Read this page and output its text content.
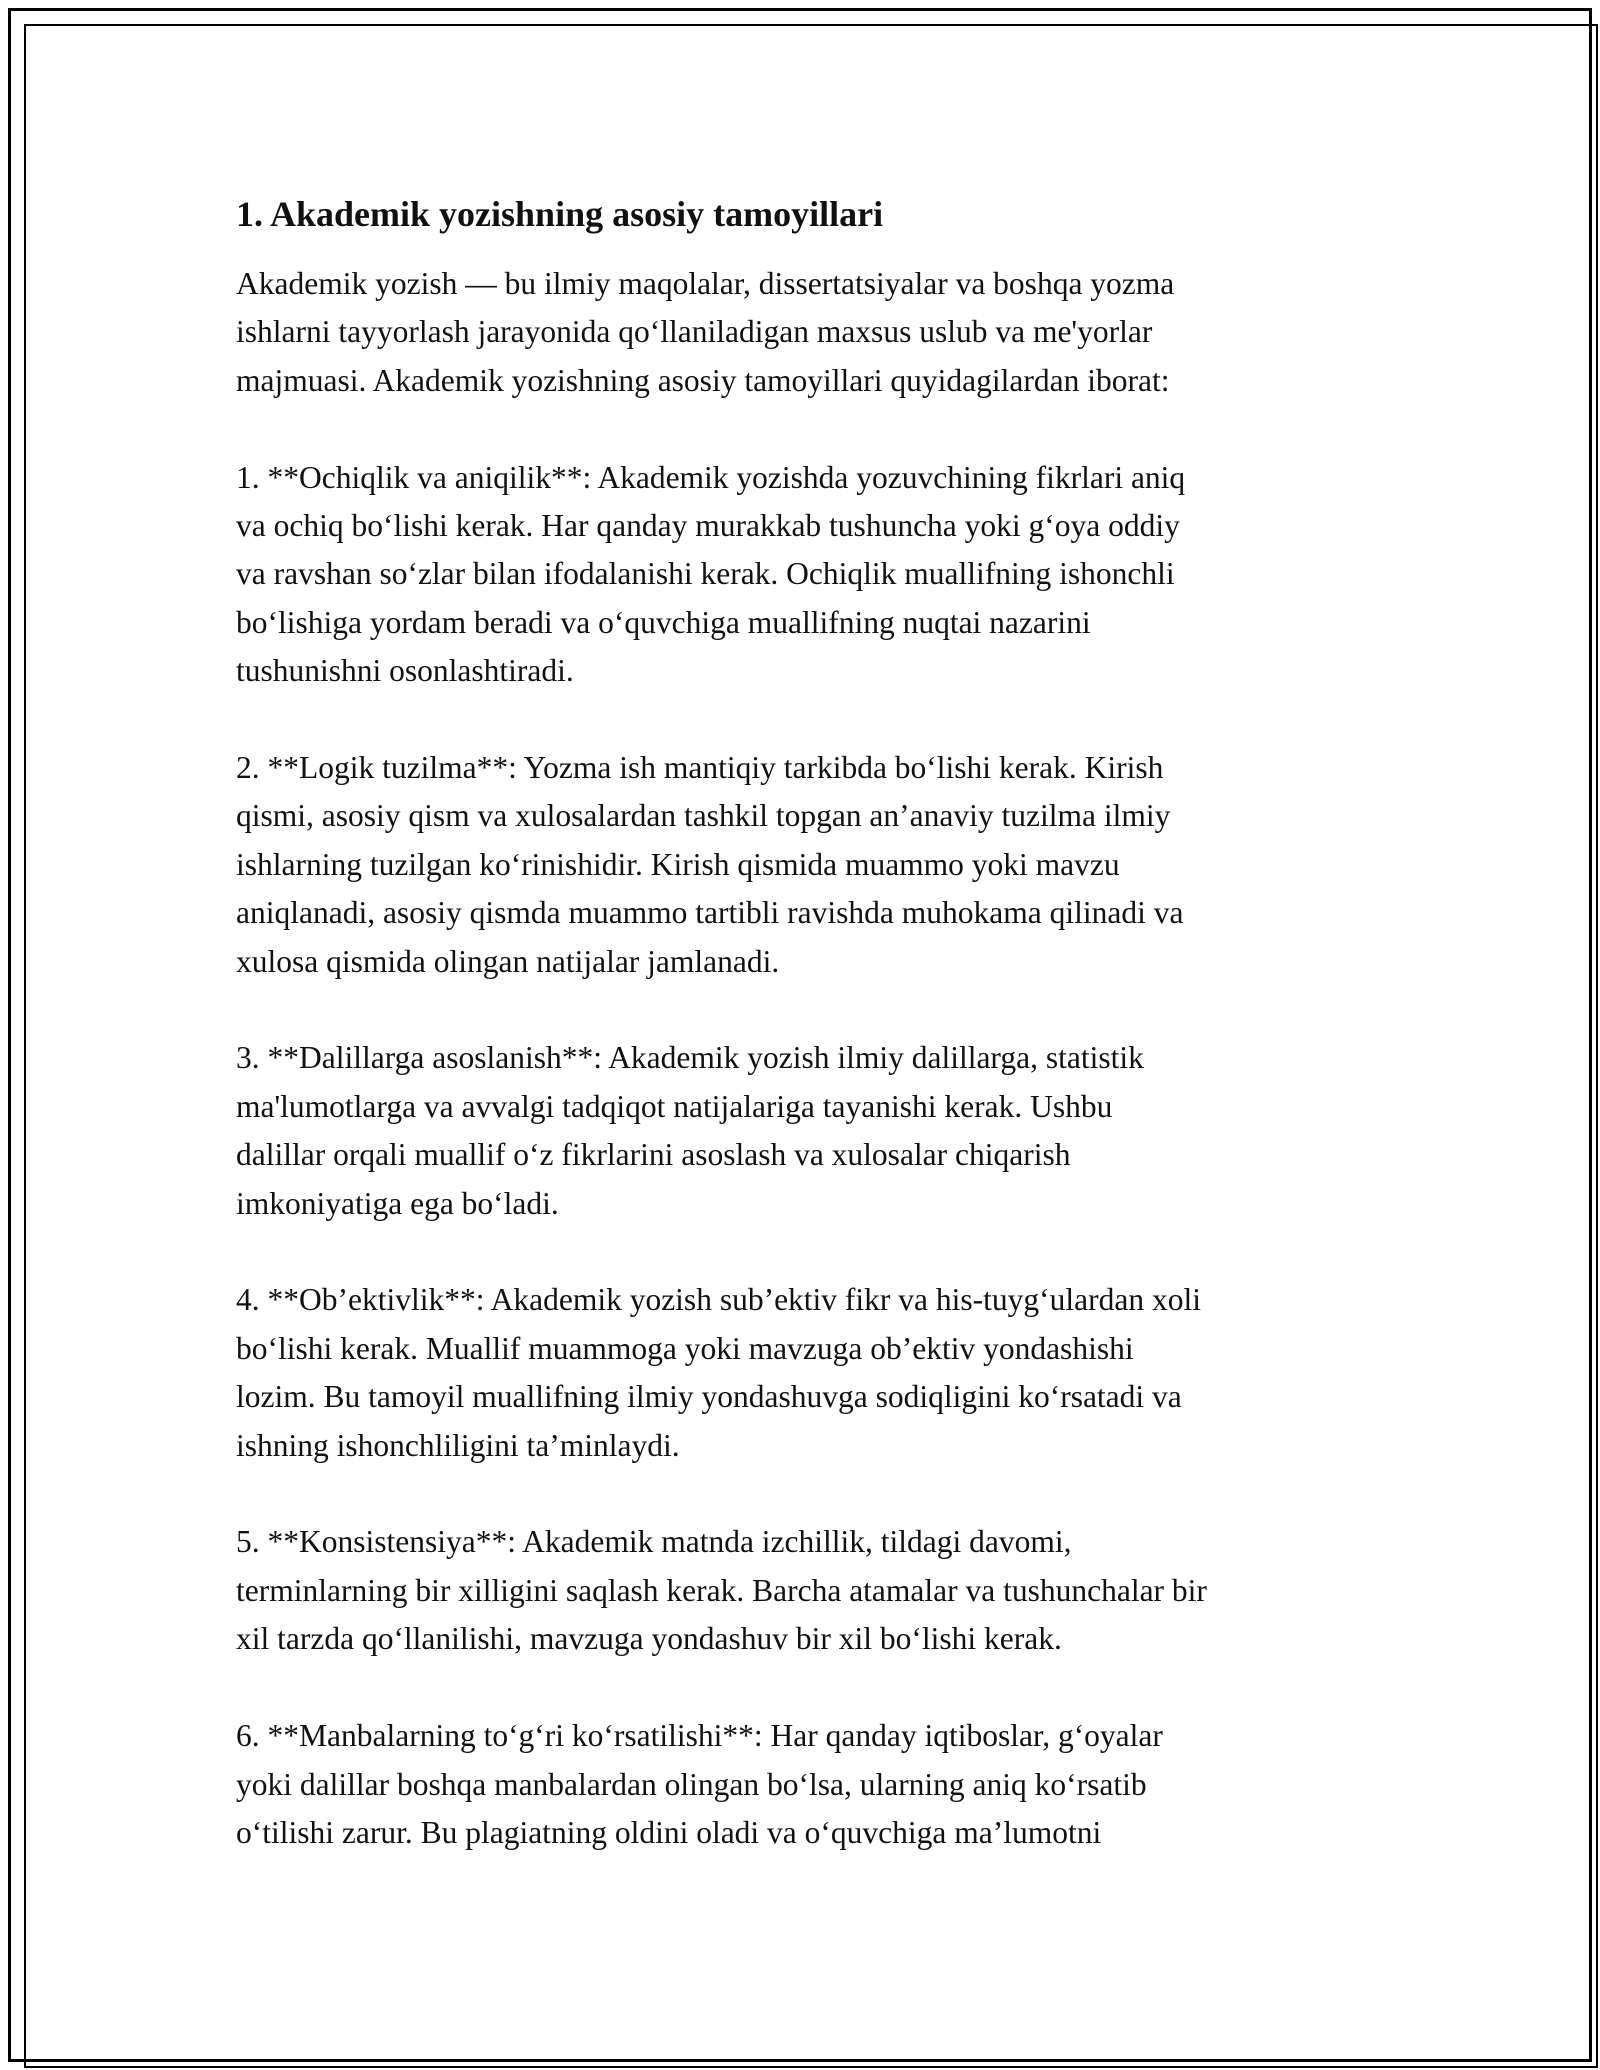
1. Akademik yozishning asosiy tamoyillari
Akademik yozish — bu ilmiy maqolalar, dissertatsiyalar va boshqa yozma
ishlarni tayyorlash jarayonida qoʻllaniladigan maxsus uslub va me'yorlar
majmuasi. Akademik yozishning asosiy tamoyillari quyidagilardan iborat:
1. **Ochiqlik va aniqilik**: Akademik yozishda yozuvchining fikrlari aniq
va ochiq boʻlishi kerak. Har qanday murakkab tushuncha yoki gʻoya oddiy
va ravshan soʻzlar bilan ifodalanishi kerak. Ochiqlik muallifning ishonchli
boʻlishiga yordam beradi va oʻquvchiga muallifning nuqtai nazarini
tushunishni osonlashtiradi.
2. **Logik tuzilma**: Yozma ish mantiqiy tarkibda boʻlishi kerak. Kirish
qismi, asosiy qism va xulosalardan tashkil topgan an’anaviy tuzilma ilmiy
ishlarning tuzilgan koʻrinishidir. Kirish qismida muammo yoki mavzu
aniqlanadi, asosiy qismda muammo tartibli ravishda muhokama qilinadi va
xulosa qismida olingan natijalar jamlanadi.
3. **Dalillarga asoslanish**: Akademik yozish ilmiy dalillarga, statistik
ma'lumotlarga va avvalgi tadqiqot natijalariga tayanishi kerak. Ushbu
dalillar orqali muallif oʻz fikrlarini asoslash va xulosalar chiqarish
imkoniyatiga ega boʻladi.
4. **Ob’ektivlik**: Akademik yozish sub’ektiv fikr va his-tuygʻulardan xoli
boʻlishi kerak. Muallif muammoga yoki mavzuga ob’ektiv yondashishi
lozim. Bu tamoyil muallifning ilmiy yondashuvga sodiqligini koʻrsatadi va
ishning ishonchliligini ta’minlaydi.
5. **Konsistensiya**: Akademik matnda izchillik, tildagi davomi,
terminlarning bir xilligini saqlash kerak. Barcha atamalar va tushunchalar bir
xil tarzda qoʻllanilishi, mavzuga yondashuv bir xil boʻlishi kerak.
6. **Manbalarning toʻgʻri koʻrsatilishi**: Har qanday iqtiboslar, gʻoyalar
yoki dalillar boshqa manbalardan olingan boʻlsa, ularning aniq koʻrsatib
oʻtilishi zarur. Bu plagiatning oldini oladi va oʻquvchiga ma’lumotni
